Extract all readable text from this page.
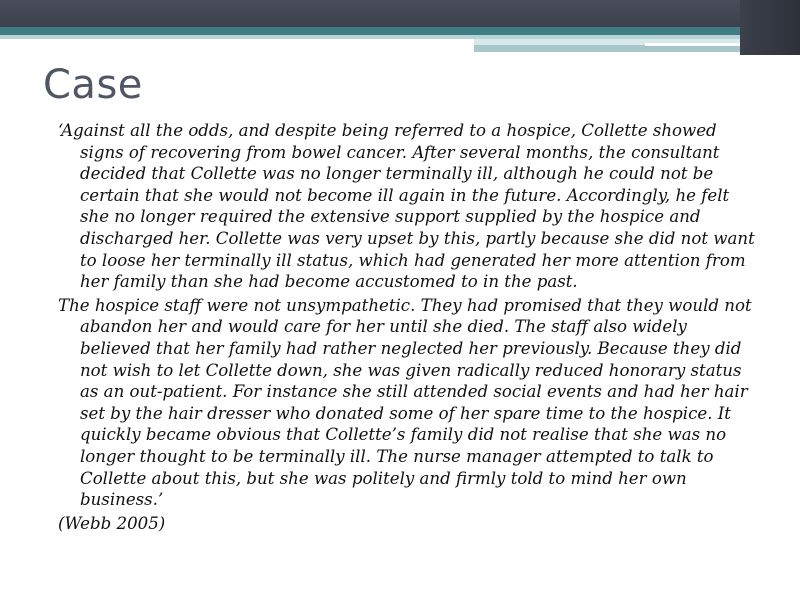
Case

‘Against all the odds, and despite being referred to a hospice, Collette showed signs of recovering from bowel cancer. After several months, the consultant decided that Collette was no longer terminally ill, although he could not be certain that she would not become ill again in the future. Accordingly, he felt she no longer required the extensive support supplied by the hospice and discharged her. Collette was very upset by this, partly because she did not want to loose her terminally ill status, which had generated her more attention from her family than she had become accustomed to in the past.

The hospice staff were not unsympathetic. They had promised that they would not abandon her and would care for her until she died. The staff also widely believed that her family had rather neglected her previously. Because they did not wish to let Collette down, she was given radically reduced honorary status as an out-patient. For instance she still attended social events and had her hair set by the hair dresser who donated some of her spare time to the hospice. It quickly became obvious that Collette’s family did not realise that she was no longer thought to be terminally ill. The nurse manager attempted to talk to Collette about this, but she was politely and firmly told to mind her own business.’

(Webb 2005)
